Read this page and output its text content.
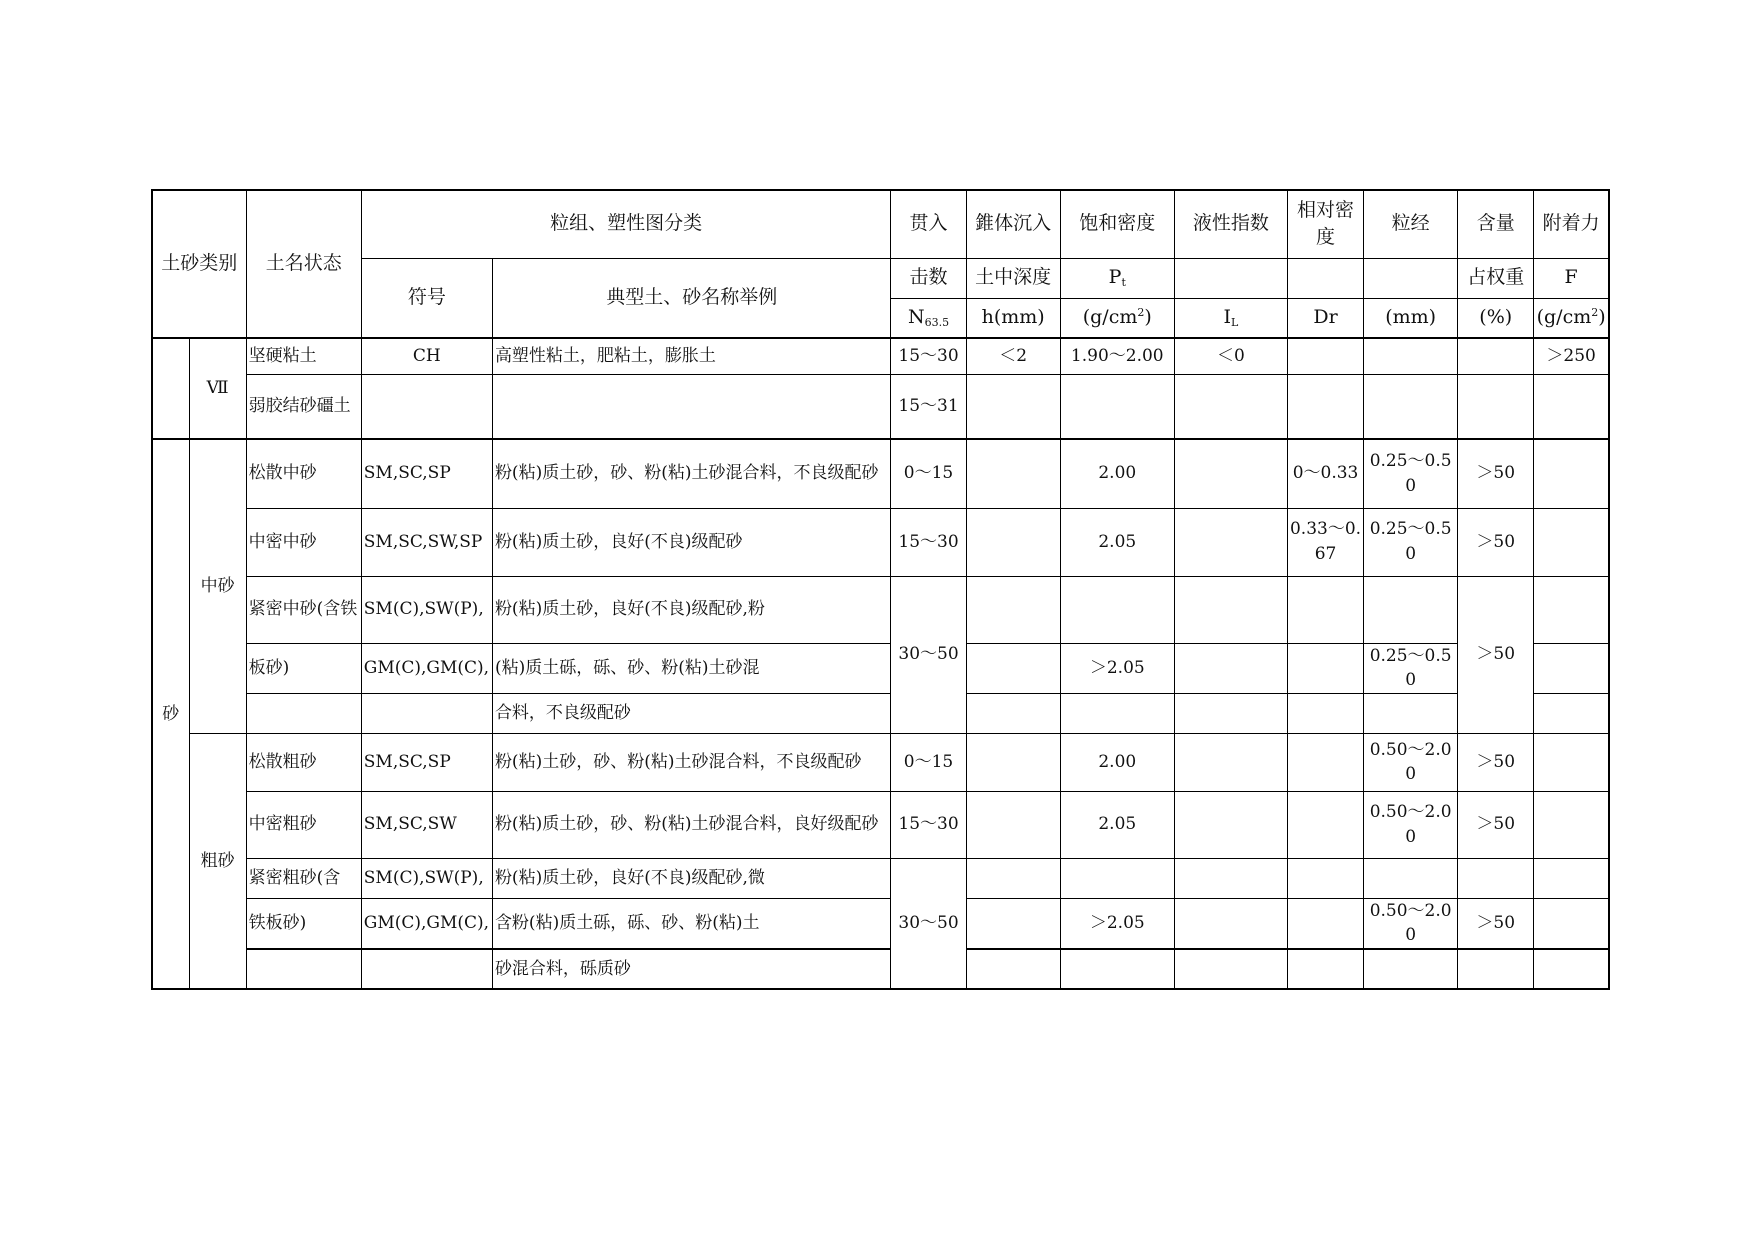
土砂类别		土名状态	粒组、塑性图分类		贯入	錐体沉入	饱和密度	液性指数	相对密度	粒经	含量	附着力
			符号	典型土、砂名称举例	击数	土中深度	$P_t$				占权重	F
					$N_{63.5}$	h(mm)	$(g/cm^2)$	$I_L$	Dr	(mm)	(%)	$(g/cm^2)$
	Ⅶ	坚硬粘土	CH	高塑性粘土，肥粘土，膨胀土	15～30	＜2	1.90～2.00	＜0				＞250
		弱胶结砂礓土			15～31							
砂	中砂	松散中砂	SM,SC,SP	粉(粘)质土砂，砂、粉(粘)土砂混合料，不良级配砂	0～15		2.00		0～0.33	0.25～0.50	＞50	
		中密中砂	SM,SC,SW,SP	粉(粘)质土砂，良好(不良)级配砂	15～30		2.05		0.33～0.67	0.25～0.50	＞50	
		紧密中砂(含铁	SM(C),SW(P),	粉(粘)质土砂，良好(不良)级配砂,粉	30～50						＞50	
		板砂)	GM(C),GM(C),	(粘)质土砾，砾、砂、粉(粘)土砂混			＞2.05			0.25～0.50		
				合料，不良级配砂								
	粗砂	松散粗砂	SM,SC,SP	粉(粘)土砂，砂、粉(粘)土砂混合料，不良级配砂	0～15		2.00			0.50～2.00	＞50	
		中密粗砂	SM,SC,SW	粉(粘)质土砂，砂、粉(粘)土砂混合料，良好级配砂	15～30		2.05			0.50～2.00	＞50	
		紧密粗砂(含	SM(C),SW(P),	粉(粘)质土砂，良好(不良)级配砂,微	30～50							
		铁板砂)	GM(C),GM(C),	含粉(粘)质土砾，砾、砂、粉(粘)土			＞2.05			0.50～2.00	＞50	
				砂混合料，砾质砂								
